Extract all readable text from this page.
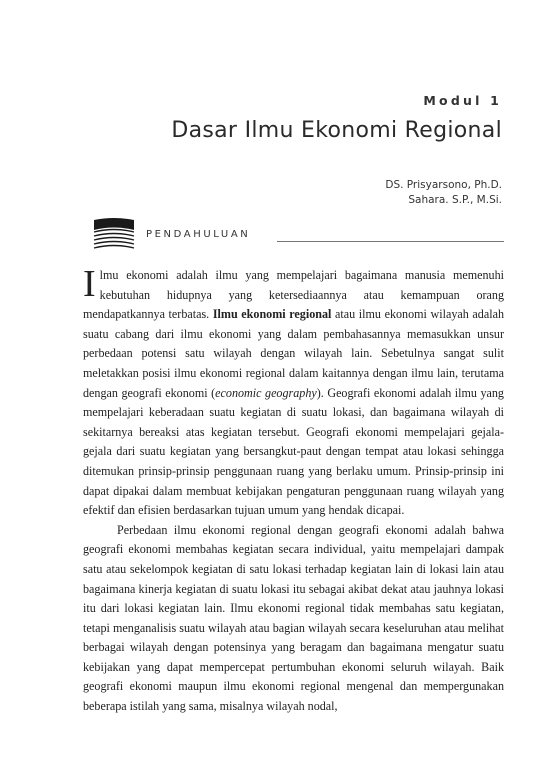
Modul 1
Dasar Ilmu Ekonomi Regional
DS. Prisyarsono, Ph.D.
Sahara. S.P., M.Si.
PENDAHULUAN

Ilmu ekonomi adalah ilmu yang mempelajari bagaimana manusia memenuhi kebutuhan hidupnya yang ketersediaannya atau kemampuan orang mendapatkannya terbatas. Ilmu ekonomi regional atau ilmu ekonomi wilayah adalah suatu cabang dari ilmu ekonomi yang dalam pembahasannya memasukkan unsur perbedaan potensi satu wilayah dengan wilayah lain. Sebetulnya sangat sulit meletakkan posisi ilmu ekonomi regional dalam kaitannya dengan ilmu lain, terutama dengan geografi ekonomi (economic geography). Geografi ekonomi adalah ilmu yang mempelajari keberadaan suatu kegiatan di suatu lokasi, dan bagaimana wilayah di sekitarnya bereaksi atas kegiatan tersebut. Geografi ekonomi mempelajari gejala-gejala dari suatu kegiatan yang bersangkut-paut dengan tempat atau lokasi sehingga ditemukan prinsip-prinsip penggunaan ruang yang berlaku umum. Prinsip-prinsip ini dapat dipakai dalam membuat kebijakan pengaturan penggunaan ruang wilayah yang efektif dan efisien berdasarkan tujuan umum yang hendak dicapai.

Perbedaan ilmu ekonomi regional dengan geografi ekonomi adalah bahwa geografi ekonomi membahas kegiatan secara individual, yaitu mempelajari dampak satu atau sekelompok kegiatan di satu lokasi terhadap kegiatan lain di lokasi lain atau bagaimana kinerja kegiatan di suatu lokasi itu sebagai akibat dekat atau jauhnya lokasi itu dari lokasi kegiatan lain. Ilmu ekonomi regional tidak membahas satu kegiatan, tetapi menganalisis suatu wilayah atau bagian wilayah secara keseluruhan atau melihat berbagai wilayah dengan potensinya yang beragam dan bagaimana mengatur suatu kebijakan yang dapat mempercepat pertumbuhan ekonomi seluruh wilayah. Baik geografi ekonomi maupun ilmu ekonomi regional mengenal dan mempergunakan beberapa istilah yang sama, misalnya wilayah nodal,
